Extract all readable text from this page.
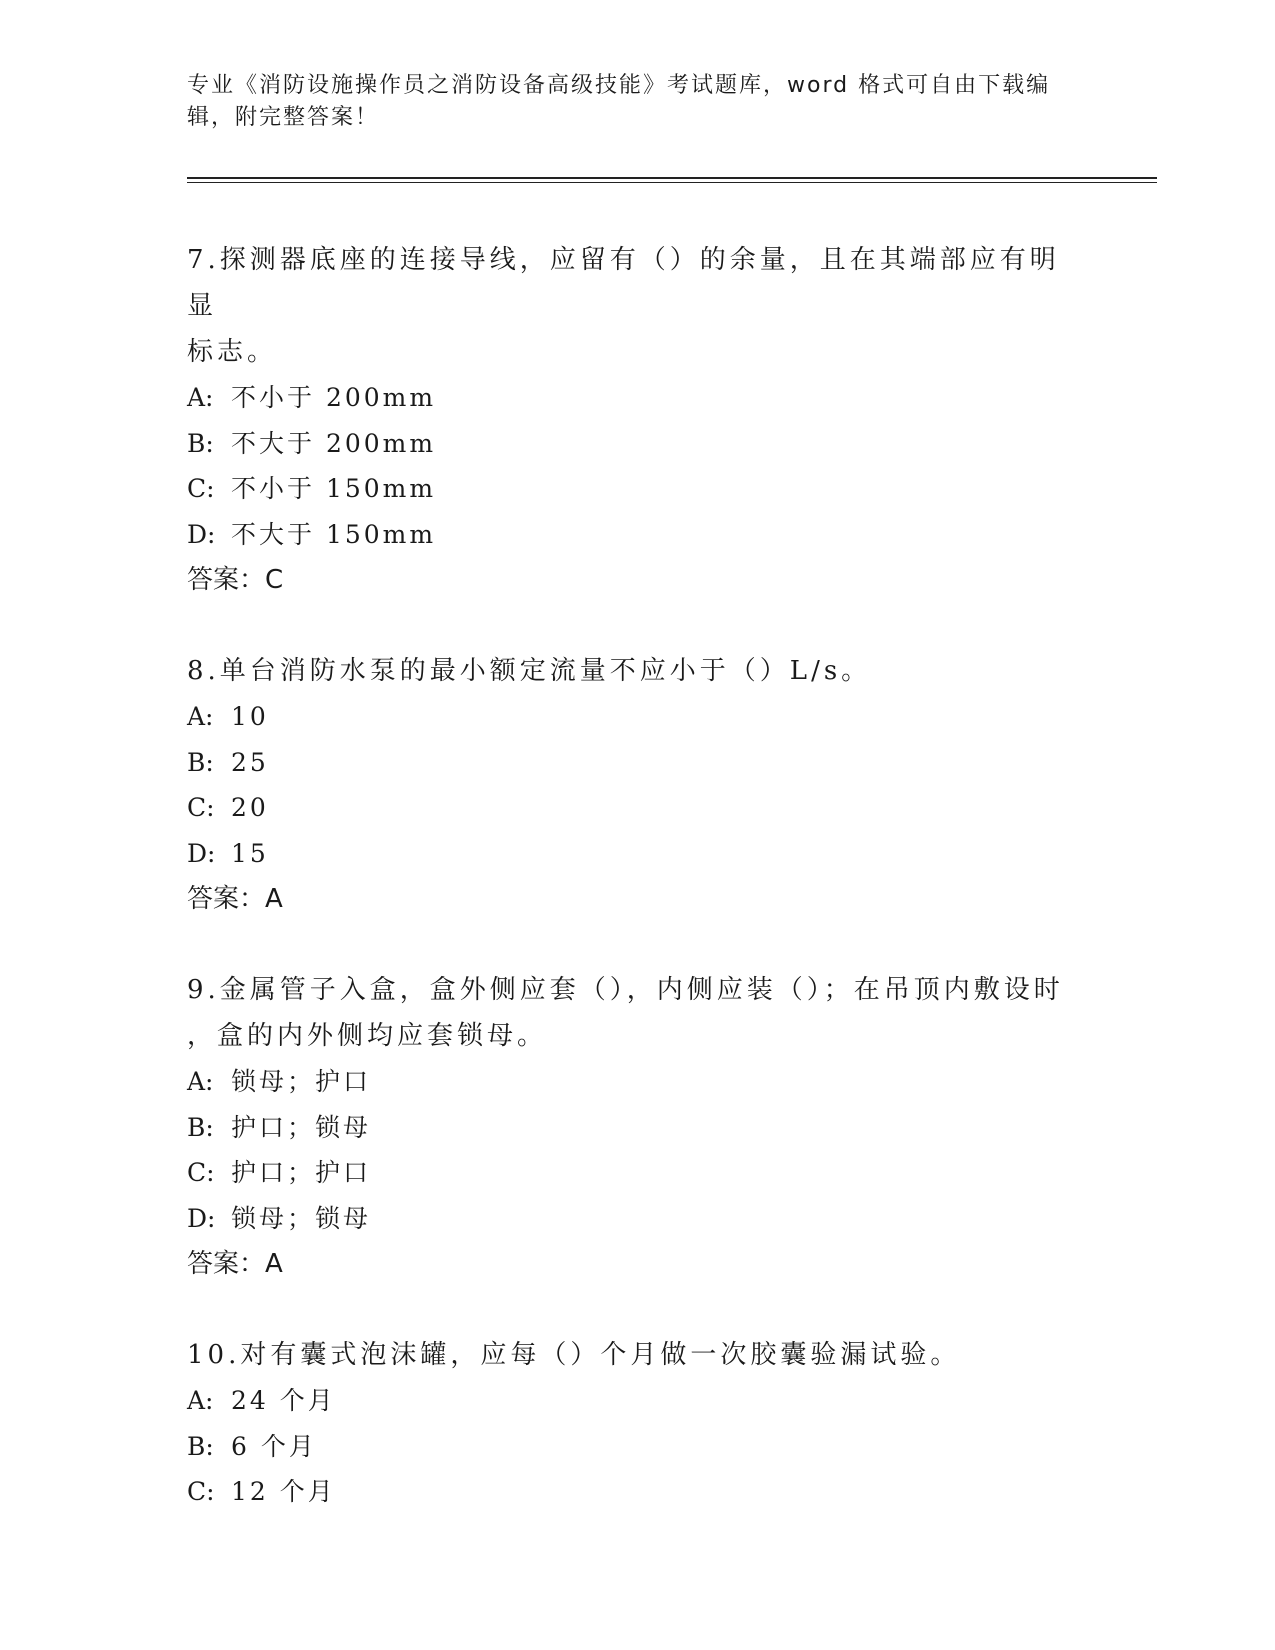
专业《消防设施操作员之消防设备高级技能》考试题库，word 格式可自由下载编
辑，附完整答案！
7.探测器底座的连接导线，应留有（）的余量，且在其端部应有明显
标志。
A: 不小于 200mm
B: 不大于 200mm
C: 不小于 150mm
D: 不大于 150mm
答案：C
8.单台消防水泵的最小额定流量不应小于（）L/s。
A: 10
B: 25
C: 20
D: 15
答案：A
9.金属管子入盒，盒外侧应套（），内侧应装（）；在吊顶内敷设时
，盒的内外侧均应套锁母。
A: 锁母；护口
B: 护口；锁母
C: 护口；护口
D: 锁母；锁母
答案：A
10.对有囊式泡沫罐，应每（）个月做一次胶囊验漏试验。
A: 24 个月
B: 6 个月
C: 12 个月
